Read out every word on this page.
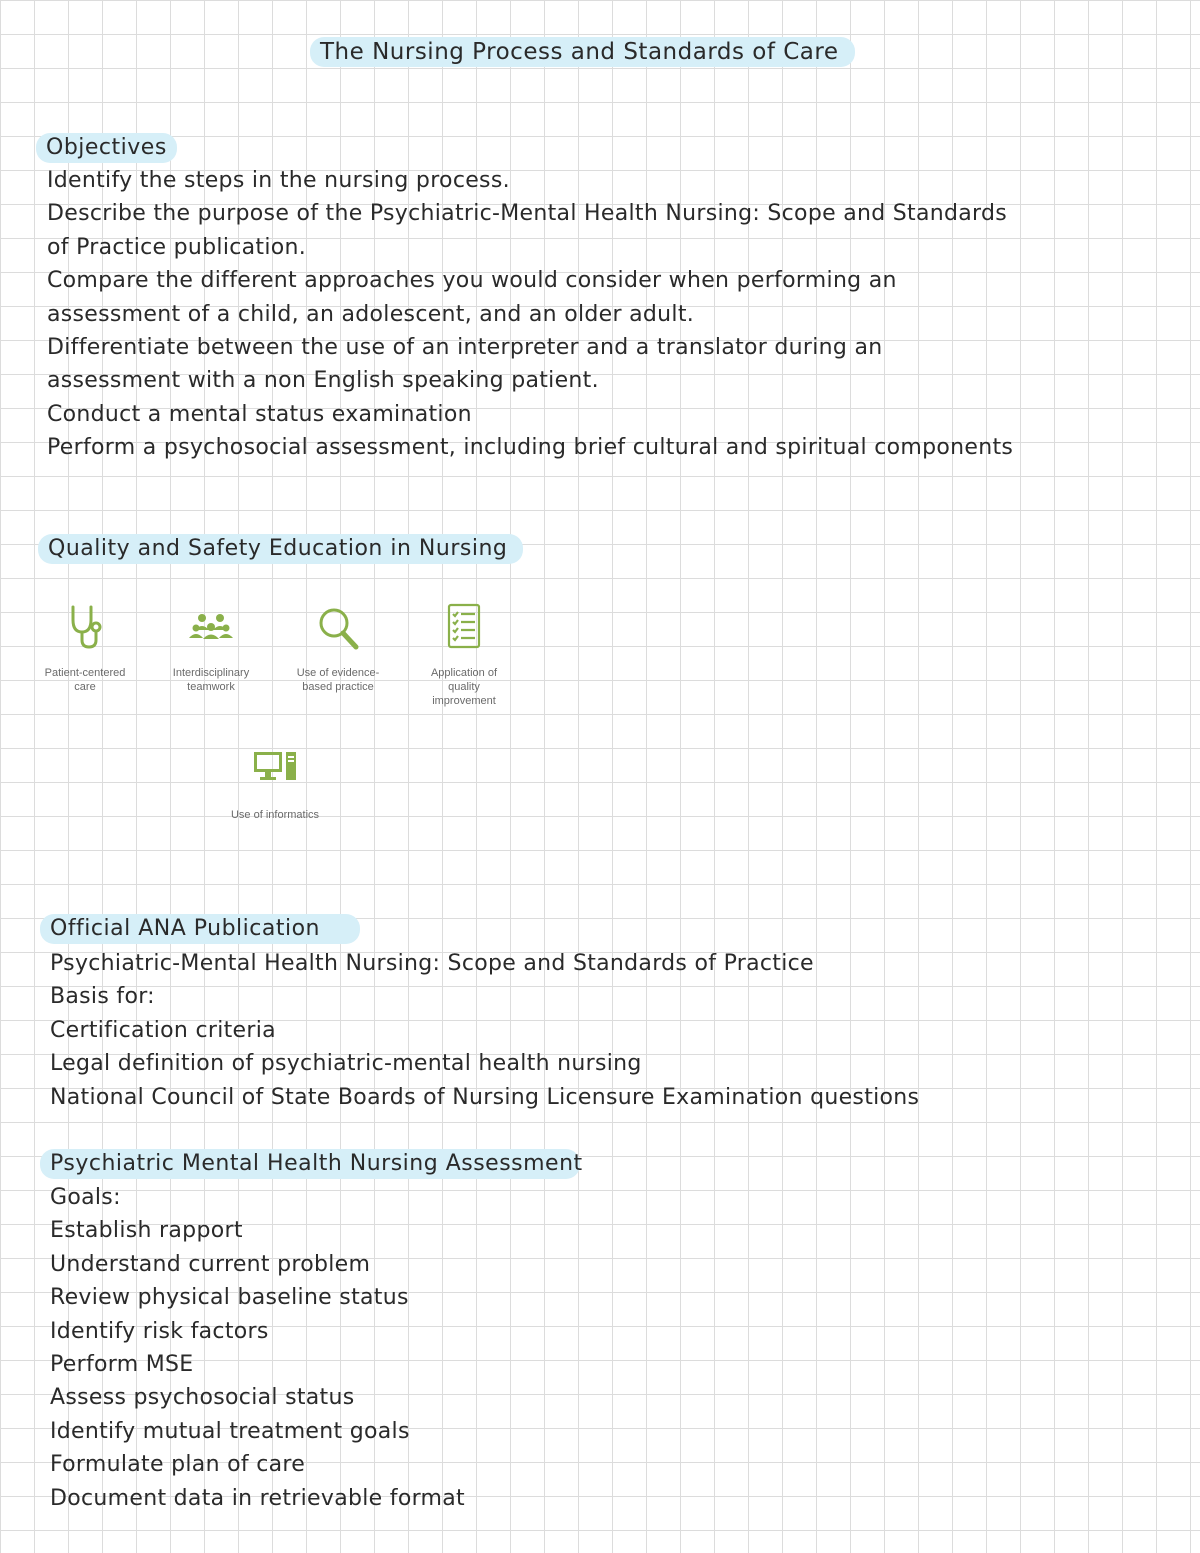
The Nursing Process and Standards of Care
Objectives
Identify the steps in the nursing process.
Describe the purpose of the Psychiatric-Mental Health Nursing: Scope and Standards
of Practice publication.
Compare the different approaches you would consider when performing an
assessment of a child, an adolescent, and an older adult.
Differentiate between the use of an interpreter and a translator during an
assessment with a non English speaking patient.
Conduct a mental status examination
Perform a psychosocial assessment, including brief cultural and spiritual components
Quality and Safety Education in Nursing
Patient-centered
care
Interdisciplinary
teamwork
Use of evidence-
based practice
Application of
quality
improvement
Use of informatics
Official ANA Publication
Psychiatric-Mental Health Nursing: Scope and Standards of Practice
Basis for:
Certification criteria
Legal definition of psychiatric-mental health nursing
National Council of State Boards of Nursing Licensure Examination questions
Psychiatric Mental Health Nursing Assessment
Goals:
Establish rapport
Understand current problem
Review physical baseline status
Identify risk factors
Perform MSE
Assess psychosocial status
Identify mutual treatment goals
Formulate plan of care
Document data in retrievable format
